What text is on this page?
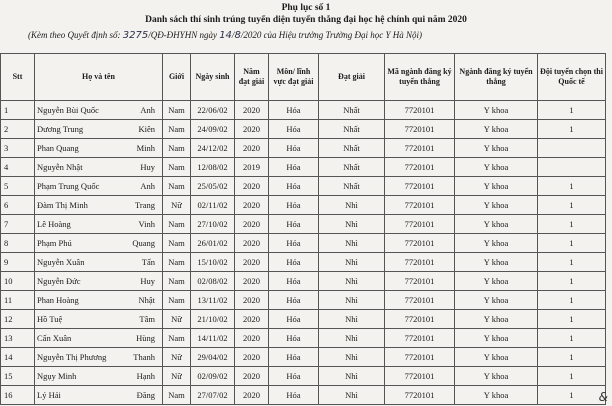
Phụ lục số 1
Danh sách thí sinh trúng tuyển diện tuyển thẳng đại học hệ chính qui năm 2020
(Kèm theo Quyết định số: 3275/QĐ-ĐHYHN ngày 14/8/2020 của Hiệu trưởng Trường Đại học Y Hà Nội)
Stt	Họ và tên	Giới	Ngày sinh	Năm đạt giải	Môn/ lĩnh vực đạt giải	Đạt giải	Mã ngành đăng ký tuyển thẳng	Ngành đăng ký tuyển thẳng	Đội tuyển chọn thi Quốc tế
1	Nguyễn Bùi Quốc Anh	Nam	22/06/02	2020	Hóa	Nhất	7720101	Y khoa	1
2	Dương Trung Kiên	Nam	24/09/02	2020	Hóa	Nhất	7720101	Y khoa	1
3	Phan Quang Minh	Nam	24/12/02	2020	Hóa	Nhất	7720101	Y khoa	
4	Nguyễn Nhật Huy	Nam	12/08/02	2019	Hóa	Nhất	7720101	Y khoa	
5	Phạm Trung Quốc Anh	Nam	25/05/02	2020	Hóa	Nhất	7720101	Y khoa	1
6	Đàm Thị Minh Trang	Nữ	02/11/02	2020	Hóa	Nhì	7720101	Y khoa	1
7	Lê Hoàng Vinh	Nam	27/10/02	2020	Hóa	Nhì	7720101	Y khoa	1
8	Phạm Phú Quang	Nam	26/01/02	2020	Hóa	Nhì	7720101	Y khoa	1
9	Nguyễn Xuân Tấn	Nam	15/10/02	2020	Hóa	Nhì	7720101	Y khoa	1
10	Nguyễn Đức Huy	Nam	02/08/02	2020	Hóa	Nhì	7720101	Y khoa	1
11	Phan Hoàng Nhật	Nam	13/11/02	2020	Hóa	Nhì	7720101	Y khoa	1
12	Hồ Tuệ Tâm	Nữ	21/10/02	2020	Hóa	Nhì	7720101	Y khoa	1
13	Cấn Xuân Hùng	Nam	14/11/02	2020	Hóa	Nhì	7720101	Y khoa	1
14	Nguyễn Thị Phương Thanh	Nữ	29/04/02	2020	Hóa	Nhì	7720101	Y khoa	1
15	Ngụy Minh Hạnh	Nữ	02/09/02	2020	Hóa	Nhì	7720101	Y khoa	1
16	Lý Hải Đăng	Nam	27/07/02	2020	Hóa	Nhì	7720101	Y khoa	1 &
